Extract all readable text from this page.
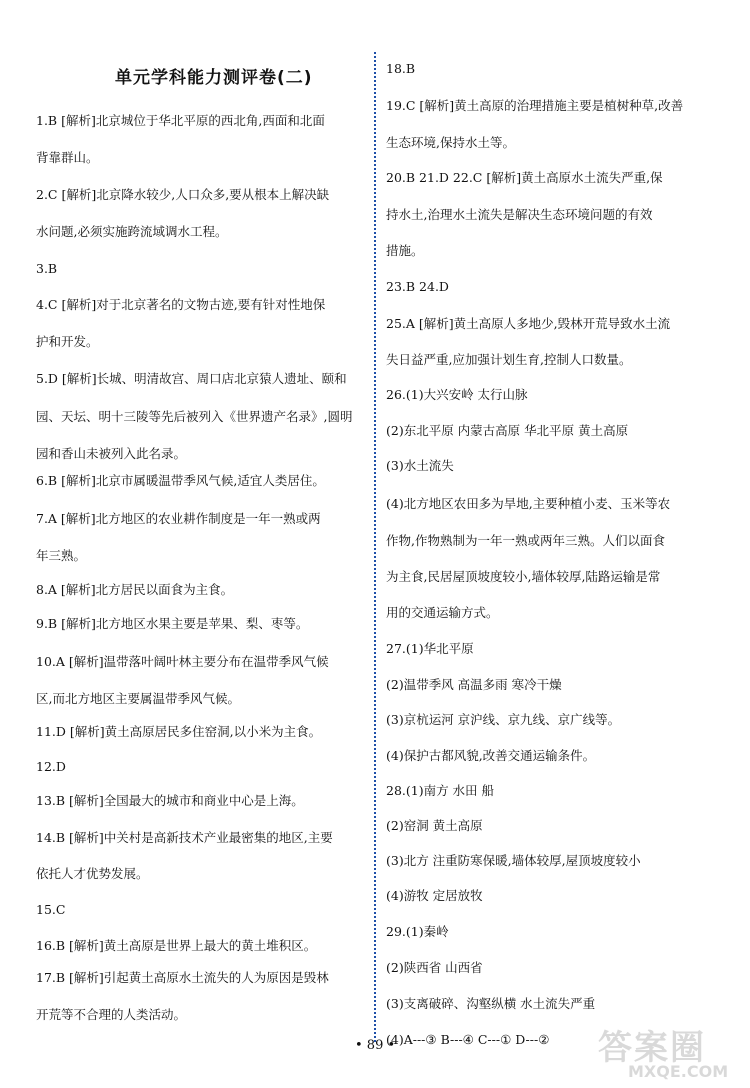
单元学科能力测评卷(二)
1.B [解析]北京城位于华北平原的西北角,西面和北面
背靠群山。
2.C [解析]北京降水较少,人口众多,要从根本上解决缺
水问题,必须实施跨流域调水工程。
3.B
4.C [解析]对于北京著名的文物古迹,要有针对性地保
护和开发。
5.D [解析]长城、明清故宫、周口店北京猿人遗址、颐和
园、天坛、明十三陵等先后被列入《世界遗产名录》,圆明
园和香山未被列入此名录。
6.B [解析]北京市属暖温带季风气候,适宜人类居住。
7.A [解析]北方地区的农业耕作制度是一年一熟或两
年三熟。
8.A [解析]北方居民以面食为主食。
9.B [解析]北方地区水果主要是苹果、梨、枣等。
10.A [解析]温带落叶阔叶林主要分布在温带季风气候
区,而北方地区主要属温带季风气候。
11.D [解析]黄土高原居民多住窑洞,以小米为主食。
12.D
13.B [解析]全国最大的城市和商业中心是上海。
14.B [解析]中关村是高新技术产业最密集的地区,主要
依托人才优势发展。
15.C
16.B [解析]黄土高原是世界上最大的黄土堆积区。
17.B [解析]引起黄土高原水土流失的人为原因是毁林
开荒等不合理的人类活动。
18.B
19.C [解析]黄土高原的治理措施主要是植树种草,改善
生态环境,保持水土等。
20.B 21.D 22.C [解析]黄土高原水土流失严重,保
持水土,治理水土流失是解决生态环境问题的有效
措施。
23.B 24.D
25.A [解析]黄土高原人多地少,毁林开荒导致水土流
失日益严重,应加强计划生育,控制人口数量。
26.(1)大兴安岭 太行山脉
(2)东北平原 内蒙古高原 华北平原 黄土高原
(3)水土流失
(4)北方地区农田多为旱地,主要种植小麦、玉米等农
作物,作物熟制为一年一熟或两年三熟。人们以面食
为主食,民居屋顶坡度较小,墙体较厚,陆路运输是常
用的交通运输方式。
27.(1)华北平原
(2)温带季风 高温多雨 寒冷干燥
(3)京杭运河 京沪线、京九线、京广线等。
(4)保护古都风貌,改善交通运输条件。
28.(1)南方 水田 船
(2)窑洞 黄土高原
(3)北方 注重防寒保暖,墙体较厚,屋顶坡度较小
(4)游牧 定居放牧
29.(1)秦岭
(2)陕西省 山西省
(3)支离破碎、沟壑纵横 水土流失严重
(4)A---③ B---④ C---① D---②
• 89 •	答案圈
MXQE.COM
